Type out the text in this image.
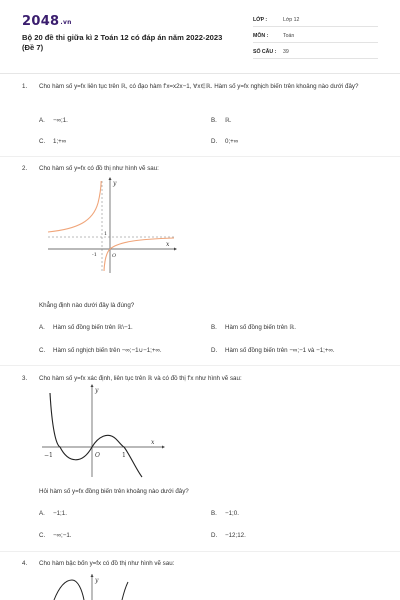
2048.vn
Bộ 20 đề thi giữa kì 2 Toán 12 có đáp án năm 2022-2023 (Đề 7)
LỚP :	Lớp 12
MÔN :	Toán
SỐ CÂU : 39
1. Cho hàm số y=fx liên tục trên ℝ, có đạo hàm f'x=x2x−1, ∀x∈ℝ. Hàm số y=fx nghịch biến trên khoảng nào dưới đây?
A. −∞;1.	B. ℝ.
C. 1;+∞	D. 0;+∞
2. Cho hàm số y=fx có đồ thị như hình vẽ sau:
y
x
1
-1	O
Khẳng định nào dưới đây là đúng?
A. Hàm số đồng biến trên ℝ\−1.	B. Hàm số đồng biến trên ℝ.
C. Hàm số nghịch biến trên −∞;−1∪−1;+∞.	D. Hàm số đồng biến trên −∞;−1 và −1;+∞.
3. Cho hàm số y=fx xác định, liên tục trên ℝ và có đồ thị f'x như hình vẽ sau:
y
x
−1	O	1
Hỏi hàm số y=fx đồng biến trên khoảng nào dưới đây?
A. −1;1.	B. −1;0.
C. −∞;−1.	D. −12;12.
4. Cho hàm bậc bốn y=fx có đồ thị như hình vẽ sau:
y
